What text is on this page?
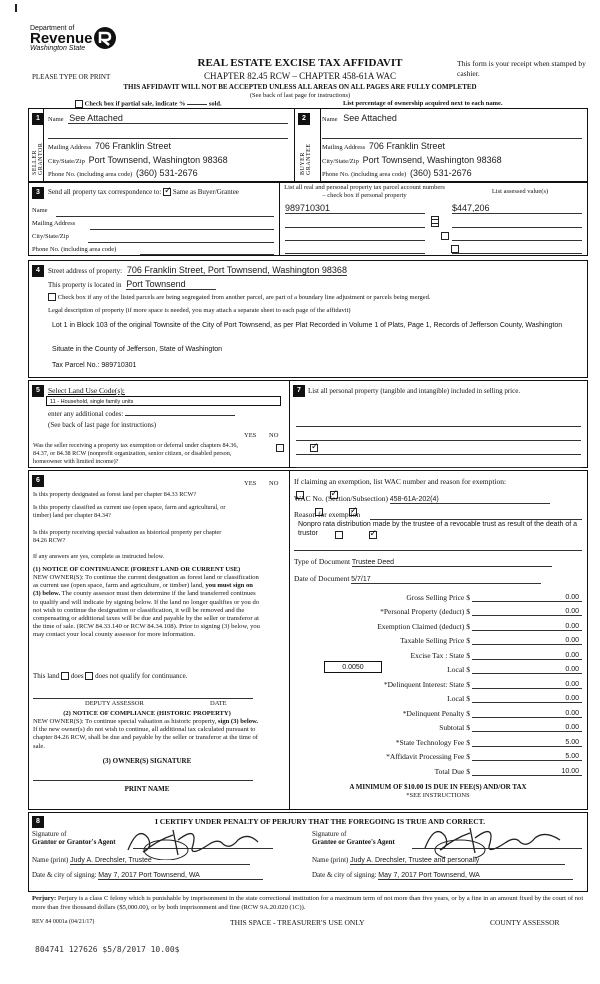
Department of
Revenue
Washington State
PLEASE TYPE OR PRINT
REAL ESTATE EXCISE TAX AFFIDAVIT
CHAPTER 82.45 RCW – CHAPTER 458-61A WAC
This form is your receipt when stamped by cashier.
THIS AFFIDAVIT WILL NOT BE ACCEPTED UNLESS ALL AREAS ON ALL PAGES ARE FULLY COMPLETED
(See back of last page for instructions)
Check box if partial sale, indicate %	sold.	List percentage of ownership acquired next to each name.
1
SELLER GRANTOR
Name See Attached
Mailing Address 706 Franklin Street
City/State/Zip Port Townsend, Washington 98368
Phone No. (including area code) (360) 531-2676
2
BUYER GRANTEE
Name See Attached
Mailing Address 706 Franklin Street
City/State/Zip Port Townsend, Washington 98368
Phone No. (including area code) (360) 531-2676
3	Send all property tax correspondence to: ✓ Same as Buyer/Grantee
Name
Mailing Address
City/State/Zip
Phone No. (including area code)
List all real and personal property tax parcel account numbers – check box if personal property
List assessed value(s)
989710301	$447,206

4	Street address of property: 706 Franklin Street, Port Townsend, Washington 98368
This property is located in Port Townsend
Check box if any of the listed parcels are being segregated from another parcel, are part of a boundary line adjustment or parcels being merged.
Legal description of property (if more space is needed, you may attach a separate sheet to each page of the affidavit)
Lot 1 in Block 103 of the original Townsite of the City of Port Townsend, as per Plat Recorded in Volume 1 of Plats, Page 1, Records of Jefferson County, Washington
Situate in the County of Jefferson, State of Washington
Tax Parcel No.: 989710301
5	Select Land Use Code(s):
11 - Household, single family units
enter any additional codes:
(See back of last page for instructions)
YES NO
Was the seller receiving a property tax exemption or deferral under chapters 84.36, 84.37, or 84.38 RCW (nonprofit organization, senior citizen, or disabled person, homeowner with limited income)?
✓
7	List all personal property (tangible and intangible) included in selling price.
6	YES NO
Is this property designated as forest land per chapter 84.33 RCW?
✓
Is this property classified as current use (open space, farm and agricultural, or timber) land per chapter 84.34?
✓
Is this property receiving special valuation as historical property per chapter 84.26 RCW?
✓
If any answers are yes, complete as instructed below.
(1) NOTICE OF CONTINUANCE (FOREST LAND OR CURRENT USE)
NEW OWNER(S): To continue the current designation as forest land or classification as current use (open space, farm and agriculture, or timber) land, you must sign on (3) below. The county assessor must then determine if the land transferred continues to qualify and will indicate by signing below. If the land no longer qualifies or you do not wish to continue the designation or classification, it will be removed and the compensating or additional taxes will be due and payable by the seller or transferor at the time of sale. (RCW 84.33.140 or RCW 84.34.108). Prior to signing (3) below, you may contact your local county assessor for more information.
This land does does not qualify for continuance.
DEPUTY ASSESSOR	DATE
(2) NOTICE OF COMPLIANCE (HISTORIC PROPERTY)
NEW OWNER(S): To continue special valuation as historic property, sign (3) below. If the new owner(s) do not wish to continue, all additional tax calculated pursuant to chapter 84.26 RCW, shall be due and payable by the seller or transferor at the time of sale.
(3) OWNER(S) SIGNATURE
PRINT NAME
If claiming an exemption, list WAC number and reason for exemption:
WAC No. (Section/Subsection) 458-61A-202(4)
Reason for exemption
Nonpro rata distribution made by the trustee of a revocable trust as result of the death of a trustor
Type of Document Trustee Deed
Date of Document 5/7/17
Gross Selling Price $	0.00
*Personal Property (deduct) $	0.00
Exemption Claimed (deduct) $	0.00
Taxable Selling Price $	0.00
Excise Tax : State $	0.00
0.0050	Local $	0.00
*Delinquent Interest: State $	0.00
Local $	0.00
*Delinquent Penalty $	0.00
Subtotal $	0.00
*State Technology Fee $	5.00
*Affidavit Processing Fee $	5.00
Total Due $	10.00
A MINIMUM OF $10.00 IS DUE IN FEE(S) AND/OR TAX
*SEE INSTRUCTIONS
8	I CERTIFY UNDER PENALTY OF PERJURY THAT THE FOREGOING IS TRUE AND CORRECT.
Signature of
Grantor or Grantor's Agent
Name (print) Judy A. Drechsler, Trustee
Date & city of signing: May 7, 2017 Port Townsend, WA
Signature of
Grantee or Grantee's Agent
Name (print) Judy A. Drechsler, Trustee and personally
Date & city of signing: May 7, 2017 Port Townsend, WA
Perjury: Perjury is a class C felony which is punishable by imprisonment in the state correctional institution for a maximum term of not more than five years, or by a fine in an amount fixed by the court of not more than five thousand dollars ($5,000.00), or by both imprisonment and fine (RCW 9A.20.020 (1C)).
REV 84 0001a (04/21/17)	THIS SPACE - TREASURER'S USE ONLY	COUNTY ASSESSOR
804741 127626 $5/8/2017 10.00$
